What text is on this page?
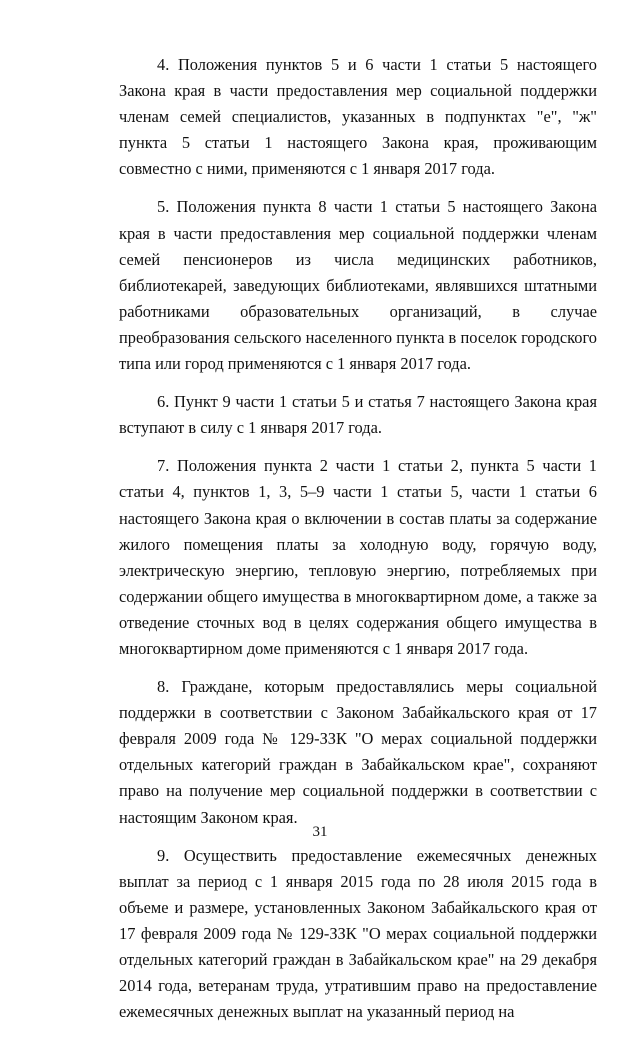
4. Положения пунктов 5 и 6 части 1 статьи 5 настоящего Закона края в части предоставления мер социальной поддержки членам семей специалистов, указанных в подпунктах "е", "ж" пункта 5 статьи 1 настоящего Закона края, проживающим совместно с ними, применяются с 1 января 2017 года.

5. Положения пункта 8 части 1 статьи 5 настоящего Закона края в части предоставления мер социальной поддержки членам семей пенсионеров из числа медицинских работников, библиотекарей, заведующих библиотеками, являвшихся штатными работниками образовательных организаций, в случае преобразования сельского населенного пункта в поселок городского типа или город применяются с 1 января 2017 года.

6. Пункт 9 части 1 статьи 5 и статья 7 настоящего Закона края вступают в силу с 1 января 2017 года.

7. Положения пункта 2 части 1 статьи 2, пункта 5 части 1 статьи 4, пунктов 1, 3, 5–9 части 1 статьи 5, части 1 статьи 6 настоящего Закона края о включении в состав платы за содержание жилого помещения платы за холодную воду, горячую воду, электрическую энергию, тепловую энергию, потребляемых при содержании общего имущества в многоквартирном доме, а также за отведение сточных вод в целях содержания общего имущества в многоквартирном доме применяются с 1 января 2017 года.

8. Граждане, которым предоставлялись меры социальной поддержки в соответствии с Законом Забайкальского края от 17 февраля 2009 года № 129-ЗЗК "О мерах социальной поддержки отдельных категорий граждан в Забайкальском крае", сохраняют право на получение мер социальной поддержки в соответствии с настоящим Законом края.

9. Осуществить предоставление ежемесячных денежных выплат за период с 1 января 2015 года по 28 июля 2015 года в объеме и размере, установленных Законом Забайкальского края от 17 февраля 2009 года № 129-ЗЗК "О мерах социальной поддержки отдельных категорий граждан в Забайкальском крае" на 29 декабря 2014 года, ветеранам труда, утратившим право на предоставление ежемесячных денежных выплат на указанный период на

31
